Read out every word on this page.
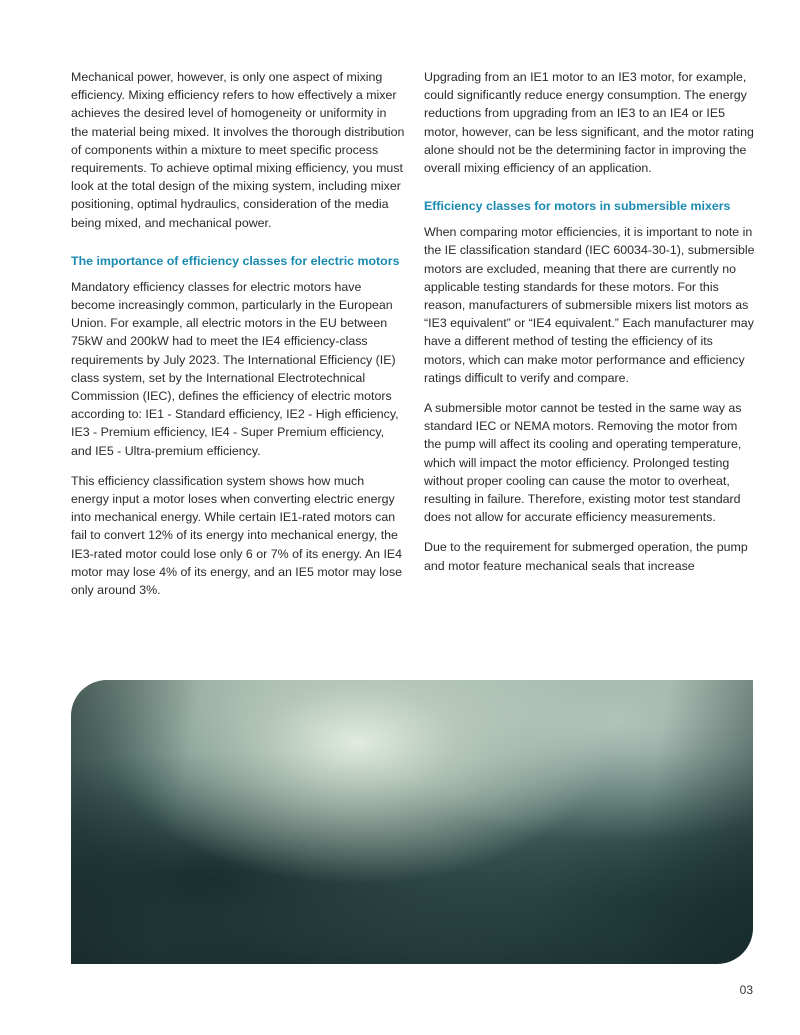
Mechanical power, however, is only one aspect of mixing efficiency. Mixing efficiency refers to how effectively a mixer achieves the desired level of homogeneity or uniformity in the material being mixed. It involves the thorough distribution of components within a mixture to meet specific process requirements. To achieve optimal mixing efficiency, you must look at the total design of the mixing system, including mixer positioning, optimal hydraulics, consideration of the media being mixed, and mechanical power.

The importance of efficiency classes for electric motors

Mandatory efficiency classes for electric motors have become increasingly common, particularly in the European Union. For example, all electric motors in the EU between 75kW and 200kW had to meet the IE4 efficiency-class requirements by July 2023. The International Efficiency (IE) class system, set by the International Electrotechnical Commission (IEC), defines the efficiency of electric motors according to: IE1 - Standard efficiency, IE2 - High efficiency, IE3 - Premium efficiency, IE4 - Super Premium efficiency, and IE5 - Ultra-premium efficiency.

This efficiency classification system shows how much energy input a motor loses when converting electric energy into mechanical energy. While certain IE1-rated motors can fail to convert 12% of its energy into mechanical energy, the IE3-rated motor could lose only 6 or 7% of its energy. An IE4 motor may lose 4% of its energy, and an IE5 motor may lose only around 3%.

Upgrading from an IE1 motor to an IE3 motor, for example, could significantly reduce energy consumption. The energy reductions from upgrading from an IE3 to an IE4 or IE5 motor, however, can be less significant, and the motor rating alone should not be the determining factor in improving the overall mixing efficiency of an application.

Efficiency classes for motors in submersible mixers

When comparing motor efficiencies, it is important to note in the IE classification standard (IEC 60034-30-1), submersible motors are excluded, meaning that there are currently no applicable testing standards for these motors. For this reason, manufacturers of submersible mixers list motors as “IE3 equivalent” or “IE4 equivalent.” Each manufacturer may have a different method of testing the efficiency of its motors, which can make motor performance and efficiency ratings difficult to verify and compare.

A submersible motor cannot be tested in the same way as standard IEC or NEMA motors. Removing the motor from the pump will affect its cooling and operating temperature, which will impact the motor efficiency. Prolonged testing without proper cooling can cause the motor to overheat, resulting in failure. Therefore, existing motor test standard does not allow for accurate efficiency measurements.

Due to the requirement for submerged operation, the pump and motor feature mechanical seals that increase

03
